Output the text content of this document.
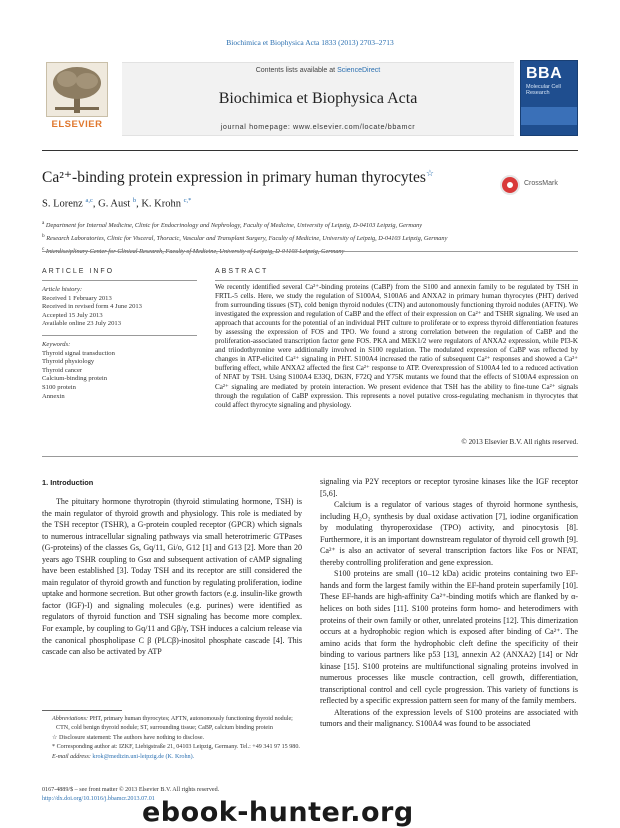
Biochimica et Biophysica Acta 1833 (2013) 2703–2713
ELSEVIER
Contents lists available at ScienceDirect
Biochimica et Biophysica Acta
journal homepage: www.elsevier.com/locate/bbamcr
BBA
Molecular Cell Research
Ca²⁺-binding protein expression in primary human thyrocytes☆
CrossMark
S. Lorenz $^{a,c}$, G. Aust $^b$, K. Krohn $^{c,*}$
$^a$ Department for Internal Medicine, Clinic for Endocrinology and Nephrology, Faculty of Medicine, University of Leipzig, D-04103 Leipzig, Germany
$^b$ Research Laboratories, Clinic for Visceral, Thoracic, Vascular and Transplant Surgery, Faculty of Medicine, University of Leipzig, D-04103 Leipzig, Germany
$^c$ Interdisciplinary Center for Clinical Research, Faculty of Medicine, University of Leipzig, D-04103 Leipzig, Germany
ARTICLE INFO
Article history:
Received 1 February 2013
Received in revised form 4 June 2013
Accepted 15 July 2013
Available online 23 July 2013
Keywords:
Thyroid signal transduction
Thyroid physiology
Thyroid cancer
Calcium-binding protein
S100 protein
Annexin
ABSTRACT
We recently identified several Ca²⁺-binding proteins (CaBP) from the S100 and annexin family to be regulated by TSH in FRTL-5 cells. Here, we study the regulation of S100A4, S100A6 and ANXA2 in primary human thyrocytes (PHT) derived from surrounding tissues (ST), cold benign thyroid nodules (CTN) and autonomously functioning thyroid nodules (AFTN). We investigated the expression and regulation of CaBP and the effect of their expression on Ca²⁺ and TSHR signaling. We used an approach that accounts for the potential of an individual PHT culture to proliferate or to express thyroid differentiation features by assessing the expression of FOS and TPO. We found a strong correlation between the regulation of CaBP and the proliferation-associated transcription factor gene FOS. PKA and MEK1/2 were regulators of ANXA2 expression, while PI3-K and triiodothyronine were additionally involved in S100 regulation. The modulated expression of CaBP was reflected by changes in ATP-elicited Ca²⁺ signaling in PHT. S100A4 increased the ratio of subsequent Ca²⁺ responses and showed a Ca²⁺ buffering effect, while ANXA2 affected the first Ca²⁺ response to ATP. Overexpression of S100A4 led to a reduced activation of NFAT by TSH. Using S100A4 E33Q, D63N, F72Q and Y75K mutants we found that the effects of S100A4 expression on Ca²⁺ signaling are mediated by protein interaction. We present evidence that TSH has the ability to fine-tune Ca²⁺ signals through the regulation of CaBP expression. This represents a novel putative cross-regulating mechanism in thyrocytes that could affect thyrocyte signaling and physiology.
© 2013 Elsevier B.V. All rights reserved.
1. Introduction

The pituitary hormone thyrotropin (thyroid stimulating hormone, TSH) is the main regulator of thyroid growth and physiology. This role is mediated by the TSH receptor (TSHR), a G-protein coupled receptor (GPCR) which signals to numerous intracellular signaling pathways via small heterotrimeric GTPases (G-proteins) of the classes Gs, Gq/11, Gi/o, G12 [1] and G13 [2]. More than 20 years ago TSHR coupling to Gsα and subsequent activation of cAMP signaling have been established [3]. Today TSH and its receptor are still considered the main regulator of thyroid growth and function by regulating proliferation, iodine uptake and hormone secretion. But other growth factors (e.g. insulin-like growth factor (IGF)-I) and signaling molecules (e.g. purines) were identified as regulators of thyroid function and TSH signaling has become more complex. For example, by coupling to Gq/11 and Gβ/γ, TSH induces a calcium release via the canonical phospholipase C β (PLCβ)-inositol phosphate cascade [4]. This cascade can also be activated by ATP

signaling via P2Y receptors or receptor tyrosine kinases like the IGF receptor [5,6].

Calcium is a regulator of various stages of thyroid hormone synthesis, including H₂O₂ synthesis by dual oxidase activation [7], iodine organification by modulating thyroperoxidase (TPO) activity, and pinocytosis [8]. Furthermore, it is an important downstream regulator of thyroid cell growth [9]. Ca²⁺ is also an activator of several transcription factors like Fos or NFAT, thereby controlling proliferation and gene expression.

S100 proteins are small (10–12 kDa) acidic proteins containing two EF-hands and form the largest family within the EF-hand protein superfamily [10]. These EF-hands are high-affinity Ca²⁺-binding motifs which are flanked by α-helices on both sides [11]. S100 proteins form homo- and heterodimers with proteins of their own family or other, unrelated proteins [12]. This dimerization occurs at a hydrophobic region which is exposed after binding of Ca²⁺. The amino acids that form the hydrophobic cleft define the specificity of their binding to various partners like p53 [13], annexin A2 (ANXA2) [14] or Ndr kinase [15]. S100 proteins are multifunctional signaling proteins involved in numerous processes like muscle contraction, cell growth, differentiation, transcriptional control and cell cycle progression. This variety of functions is reflected by a specific expression pattern seen for many of the family members.

Alterations of the expression levels of S100 proteins are associated with tumors and their malignancy. S100A4 was found to be associated

Abbreviations: PHT, primary human thyrocytes; AFTN, autonomously functioning thyroid nodule; CTN, cold benign thyroid nodule; ST, surrounding tissue; CaBP, calcium binding protein

☆ Disclosure statement: The authors have nothing to disclose.

* Corresponding author at: IZKF, Liebigstraße 21, 04103 Leipzig, Germany. Tel.: +49 341 97 15 980.

E-mail address: krok@medizin.uni-leipzig.de (K. Krohn).

0167-4889/$ – see front matter © 2013 Elsevier B.V. All rights reserved.
http://dx.doi.org/10.1016/j.bbamcr.2013.07.01
ebook-hunter.org
